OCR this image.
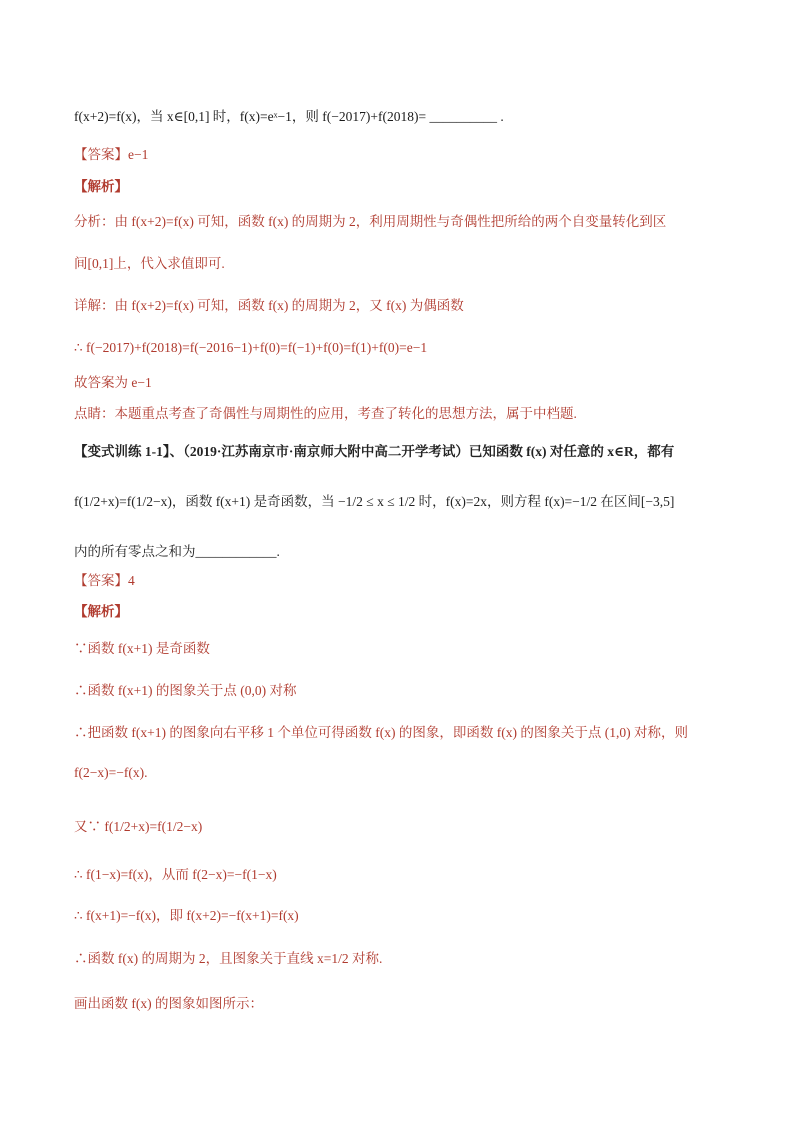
f(x+2)=f(x)，当 x∈[0,1] 时，f(x)=eˣ−1，则 f(−2017)+f(2018)= __________ .
【答案】e−1
【解析】
分析：由 f(x+2)=f(x) 可知，函数 f(x) 的周期为 2，利用周期性与奇偶性把所给的两个自变量转化到区
间[0,1]上，代入求值即可.
详解：由 f(x+2)=f(x) 可知，函数 f(x) 的周期为 2，又 f(x) 为偶函数
∴ f(−2017)+f(2018)=f(−2016−1)+f(0)=f(−1)+f(0)=f(1)+f(0)=e−1
故答案为 e−1
点睛：本题重点考查了奇偶性与周期性的应用，考查了转化的思想方法，属于中档题.
【变式训练 1-1】、（2019·江苏南京市·南京师大附中高二开学考试）已知函数 f(x) 对任意的 x∈R，都有
f(1/2+x)=f(1/2−x)，函数 f(x+1) 是奇函数，当 −1/2 ≤ x ≤ 1/2 时，f(x)=2x，则方程 f(x)=−1/2 在区间[−3,5]
内的所有零点之和为____________.
【答案】4
【解析】
∵函数 f(x+1) 是奇函数
∴函数 f(x+1) 的图象关于点 (0,0) 对称
∴把函数 f(x+1) 的图象向右平移 1 个单位可得函数 f(x) 的图象，即函数 f(x) 的图象关于点 (1,0) 对称，则
f(2−x)=−f(x).
又∵ f(1/2+x)=f(1/2−x)
∴ f(1−x)=f(x)，从而 f(2−x)=−f(1−x)
∴ f(x+1)=−f(x)，即 f(x+2)=−f(x+1)=f(x)
∴函数 f(x) 的周期为 2，且图象关于直线 x=1/2 对称.
画出函数 f(x) 的图象如图所示：
